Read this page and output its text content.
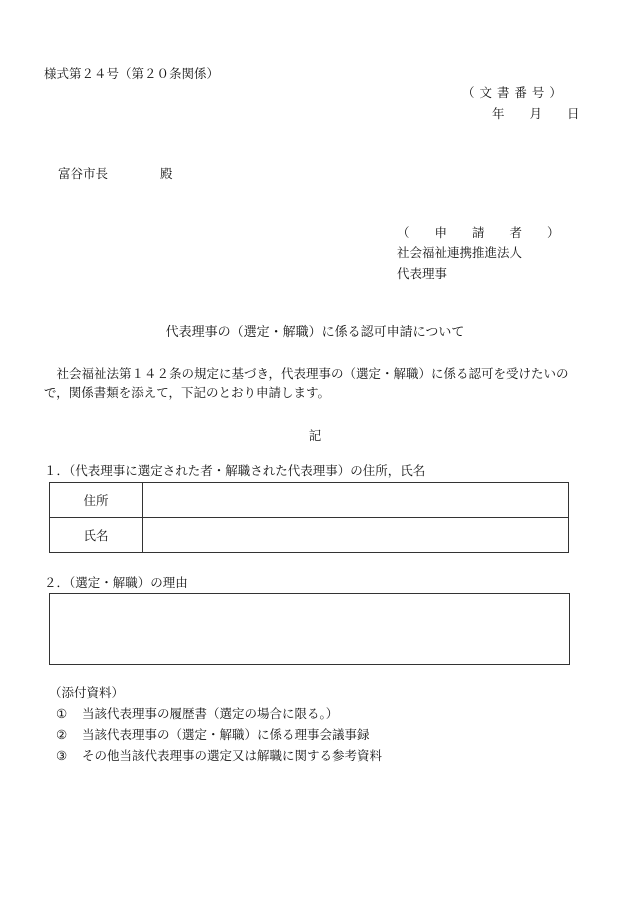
様式第２４号（第２０条関係）
（ 文 書 番 号 ）
年　　月　　日
富谷市長	殿
（　　申　　請　　者　　）
社会福祉連携推進法人
代表理事
代表理事の（選定・解職）に係る認可申請について
社会福祉法第１４２条の規定に基づき，代表理事の（選定・解職）に係る認可を受けたいので，関係書類を添えて，下記のとおり申請します。
記
１．（代表理事に選定された者・解職された代表理事）の住所，氏名
住所	
氏名	
２．（選定・解職）の理由
（添付資料）
① 当該代表理事の履歴書（選定の場合に限る。）
② 当該代表理事の（選定・解職）に係る理事会議事録
③ その他当該代表理事の選定又は解職に関する参考資料
